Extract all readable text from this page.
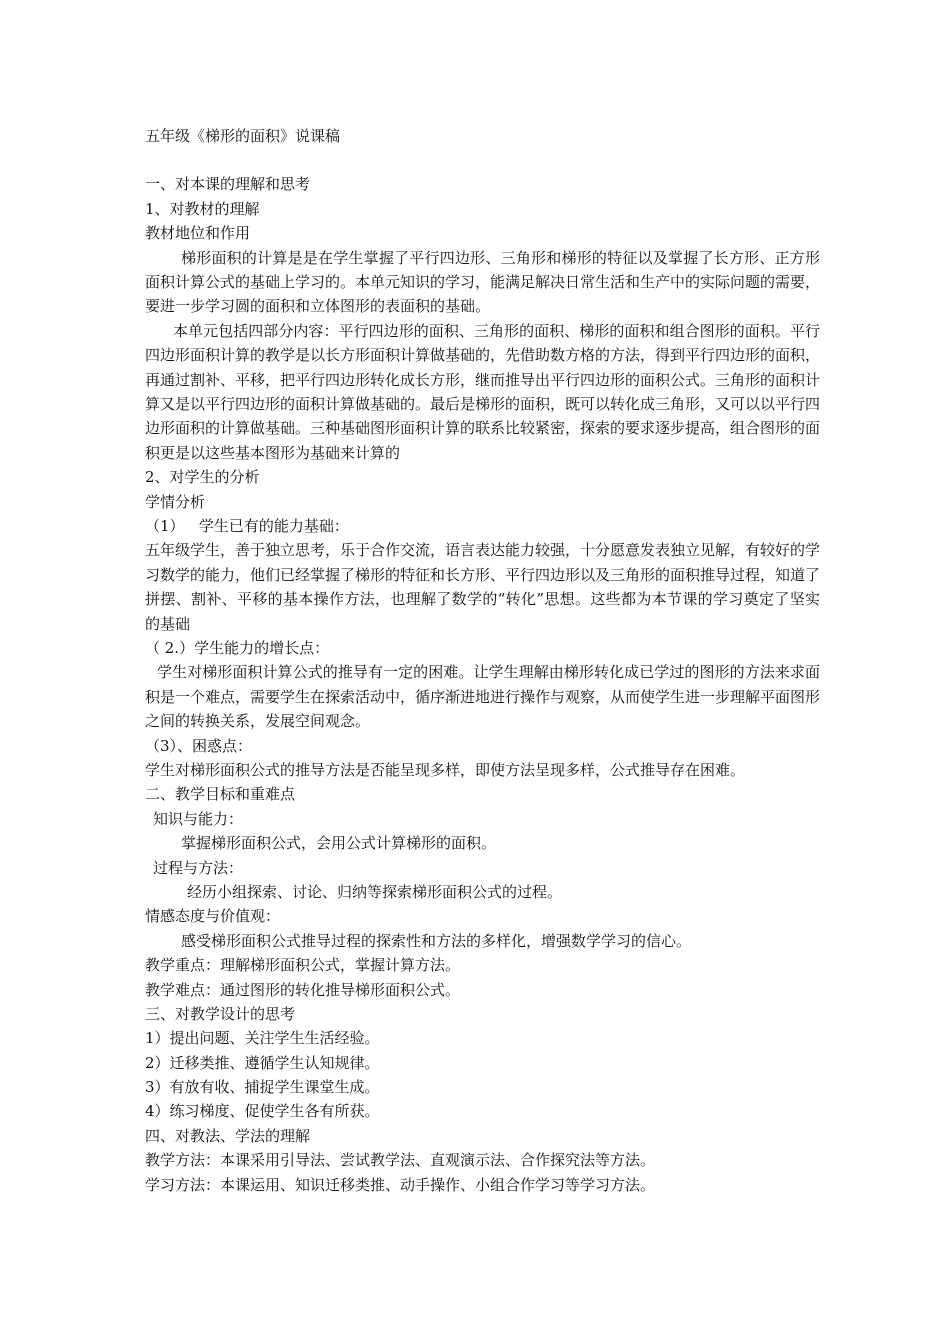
五年级《梯形的面积》说课稿
一、对本课的理解和思考
1、对教材的理解
教材地位和作用
梯形面积的计算是是在学生掌握了平行四边形、三角形和梯形的特征以及掌握了长方形、正方形面积计算公式的基础上学习的。本单元知识的学习，能满足解决日常生活和生产中的实际问题的需要，要进一步学习圆的面积和立体图形的表面积的基础。
本单元包括四部分内容：平行四边形的面积、三角形的面积、梯形的面积和组合图形的面积。平行四边形面积计算的教学是以长方形面积计算做基础的，先借助数方格的方法，得到平行四边形的面积，再通过割补、平移，把平行四边形转化成长方形，继而推导出平行四边形的面积公式。三角形的面积计算又是以平行四边形的面积计算做基础的。最后是梯形的面积，既可以转化成三角形，又可以以平行四边形面积的计算做基础。三种基础图形面积计算的联系比较紧密，探索的要求逐步提高，组合图形的面积更是以这些基本图形为基础来计算的
2、对学生的分析
学情分析
（1）   学生已有的能力基础：
五年级学生，善于独立思考，乐于合作交流，语言表达能力较强，十分愿意发表独立见解，有较好的学习数学的能力，他们已经掌握了梯形的特征和长方形、平行四边形以及三角形的面积推导过程，知道了拼摆、割补、平移的基本操作方法，也理解了数学的“转化”思想。这些都为本节课的学习奠定了坚实的基础
（ 2.）学生能力的增长点：
学生对梯形面积计算公式的推导有一定的困难。让学生理解由梯形转化成已学过的图形的方法来求面积是一个难点，需要学生在探索活动中，循序渐进地进行操作与观察，从而使学生进一步理解平面图形之间的转换关系，发展空间观念。
（3）、困惑点：
学生对梯形面积公式的推导方法是否能呈现多样，即使方法呈现多样，公式推导存在困难。
二、教学目标和重难点
知识与能力：
掌握梯形面积公式，会用公式计算梯形的面积。
过程与方法：
经历小组探索、讨论、归纳等探索梯形面积公式的过程。
情感态度与价值观：
感受梯形面积公式推导过程的探索性和方法的多样化，增强数学学习的信心。
教学重点：理解梯形面积公式，掌握计算方法。
教学难点：通过图形的转化推导梯形面积公式。
三、对教学设计的思考
1）提出问题、关注学生生活经验。
2）迁移类推、遵循学生认知规律。
3）有放有收、捕捉学生课堂生成。
4）练习梯度、促使学生各有所获。
四、对教法、学法的理解
教学方法：本课采用引导法、尝试教学法、直观演示法、合作探究法等方法。
学习方法：本课运用、知识迁移类推、动手操作、小组合作学习等学习方法。
